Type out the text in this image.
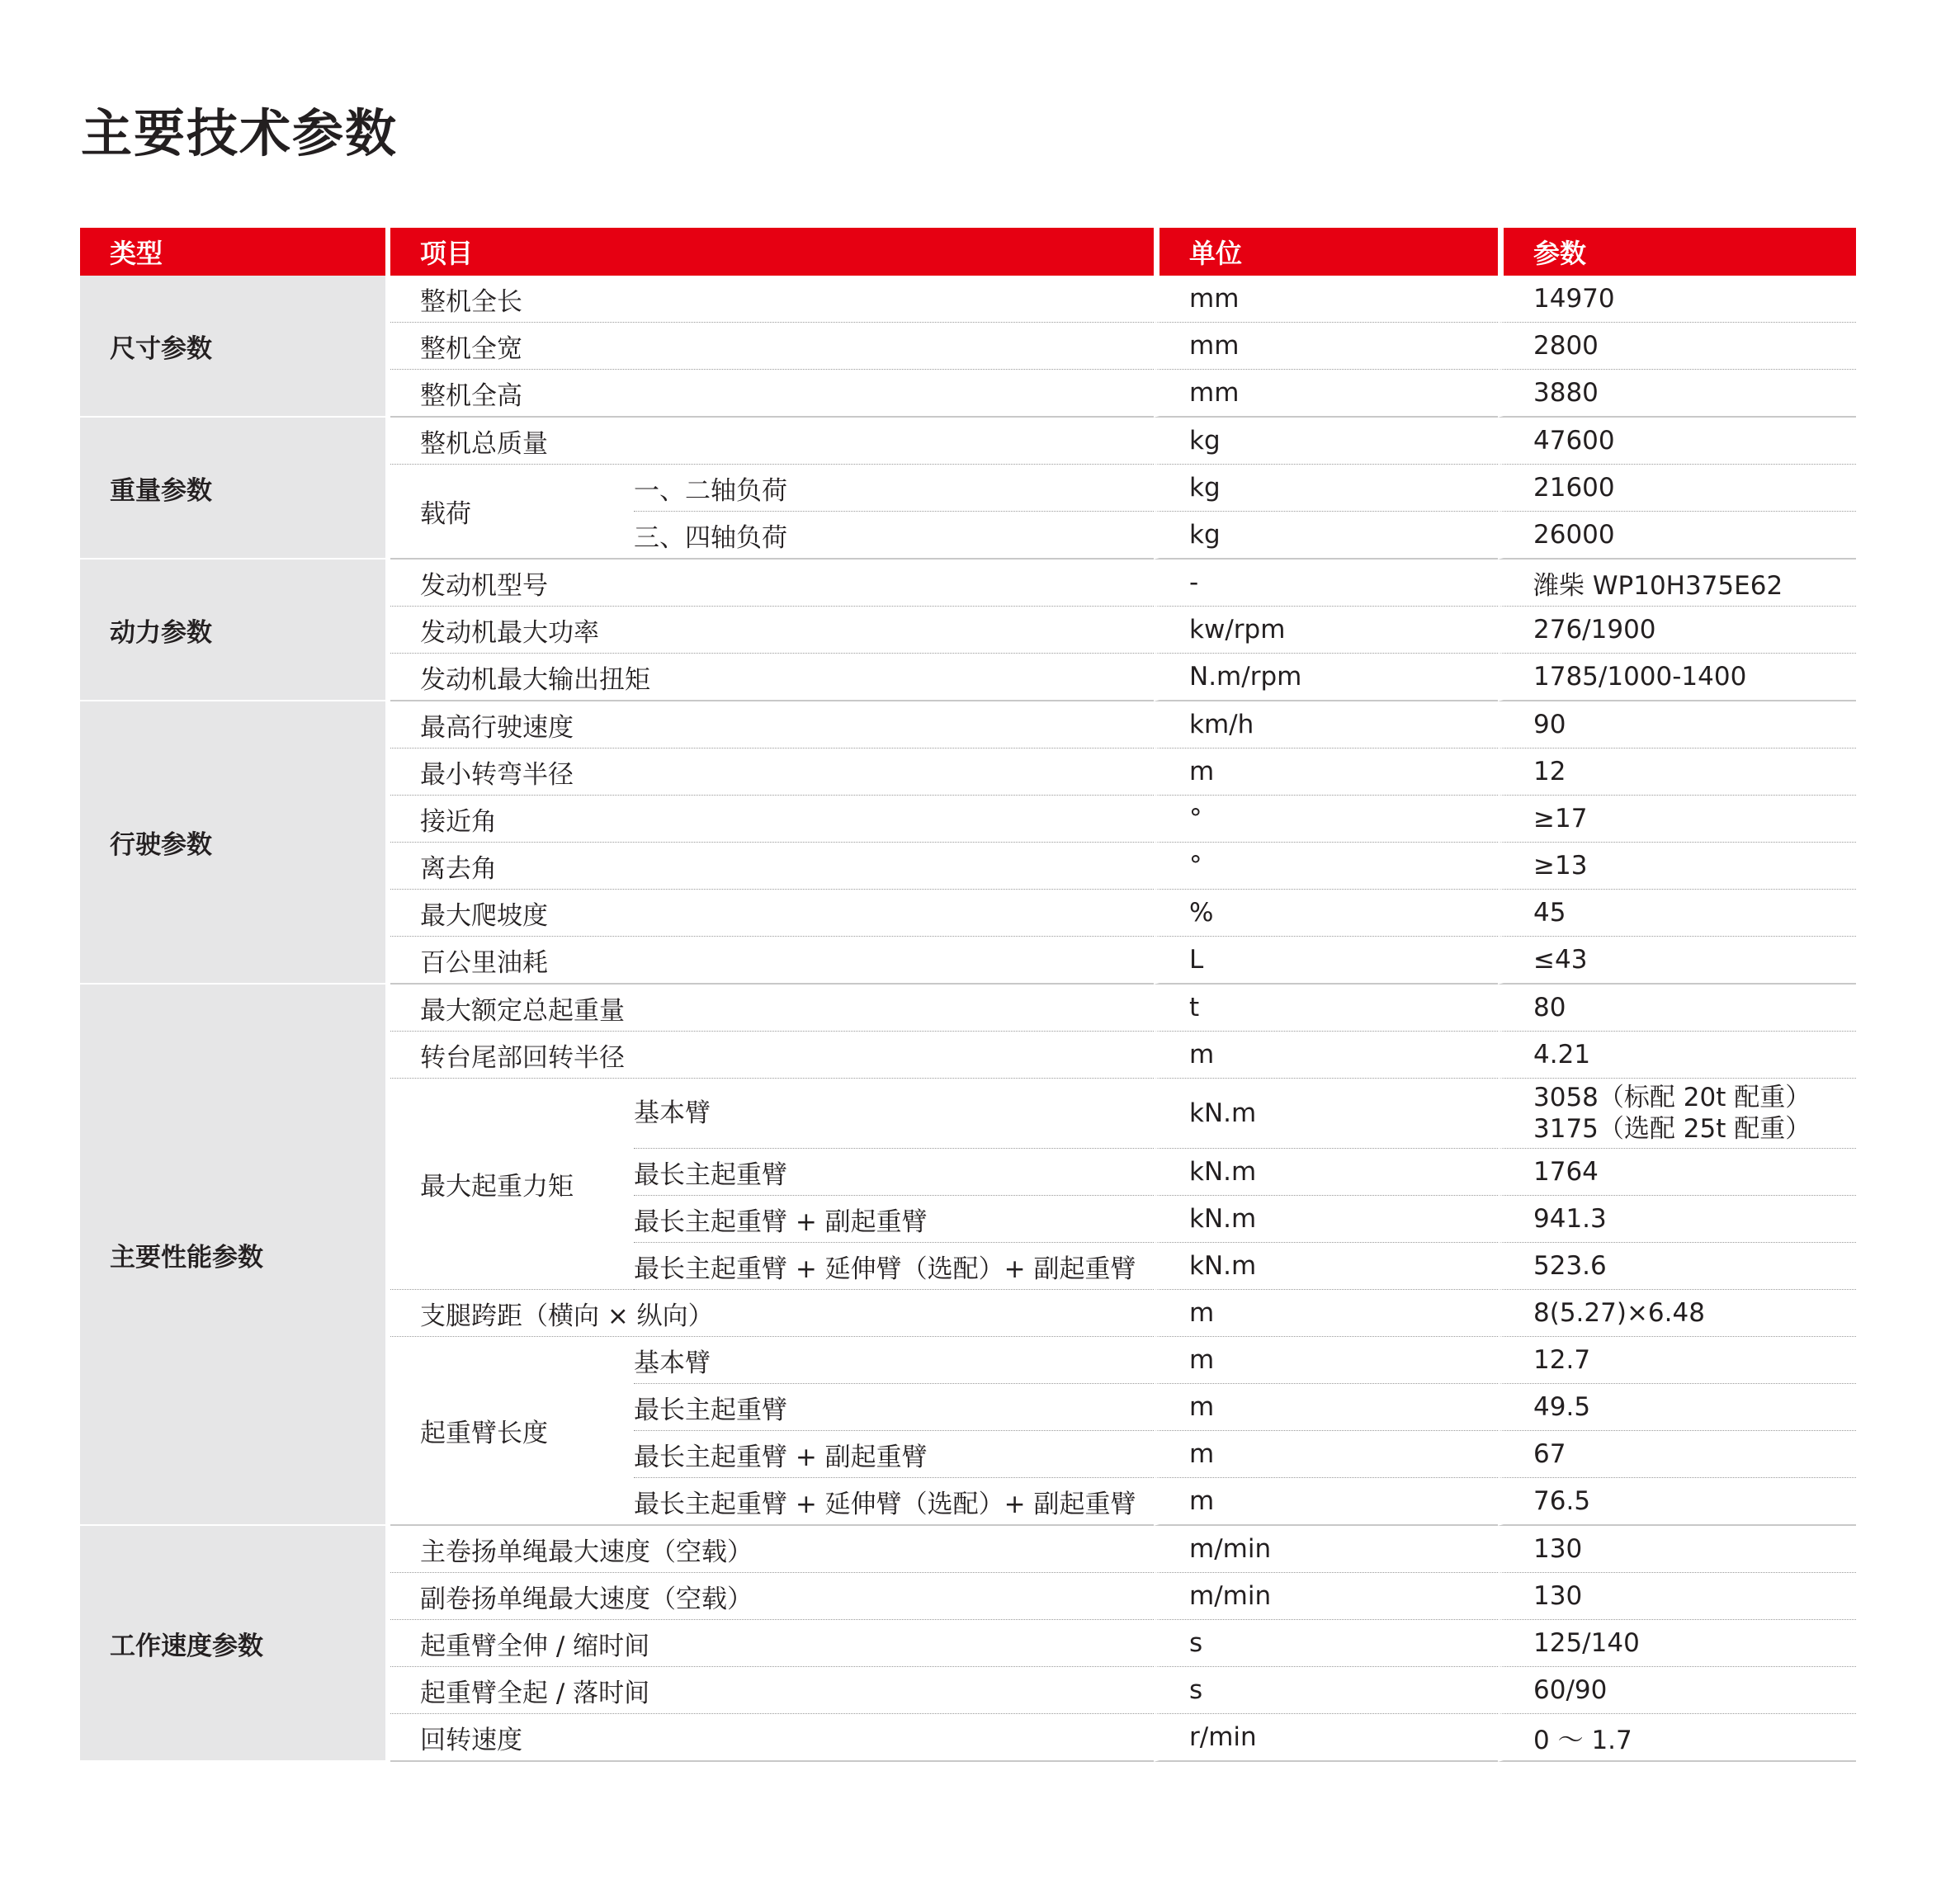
主要技术参数
类型		项目		单位	参数
尺寸参数		整机全长		mm	14970
		整机全宽		mm	2800
		整机全高		mm	3880
重量参数		整机总质量		kg	47600
		载荷	一、二轴负荷	kg	21600
			三、四轴负荷	kg	26000
动力参数		发动机型号		-	潍柴 WP10H375E62
		发动机最大功率		kw/rpm	276/1900
		发动机最大输出扭矩		N.m/rpm	1785/1000-1400
行驶参数		最高行驶速度		km/h	90
		最小转弯半径		m	12
		接近角		°	≥17
		离去角		°	≥13
		最大爬坡度		%	45
		百公里油耗		L	≤43
主要性能参数		最大额定总起重量		t	80
		转台尾部回转半径		m	4.21
		最大起重力矩	基本臂	kN.m	3058（标配 20t 配重）
3175（选配 25t 配重）

			最长主起重臂	kN.m	1764
			最长主起重臂 + 副起重臂	kN.m	941.3
			最长主起重臂 + 延伸臂（选配）+ 副起重臂	kN.m	523.6
		支腿跨距（横向 × 纵向）		m	8(5.27)×6.48
		起重臂长度	基本臂	m	12.7
			最长主起重臂	m	49.5
			最长主起重臂 + 副起重臂	m	67
			最长主起重臂 + 延伸臂（选配）+ 副起重臂	m	76.5
工作速度参数		主卷扬单绳最大速度（空载）		m/min	130
		副卷扬单绳最大速度（空载）		m/min	130
		起重臂全伸 / 缩时间		s	125/140
		起重臂全起 / 落时间		s	60/90
		回转速度		r/min	0 ～ 1.7
